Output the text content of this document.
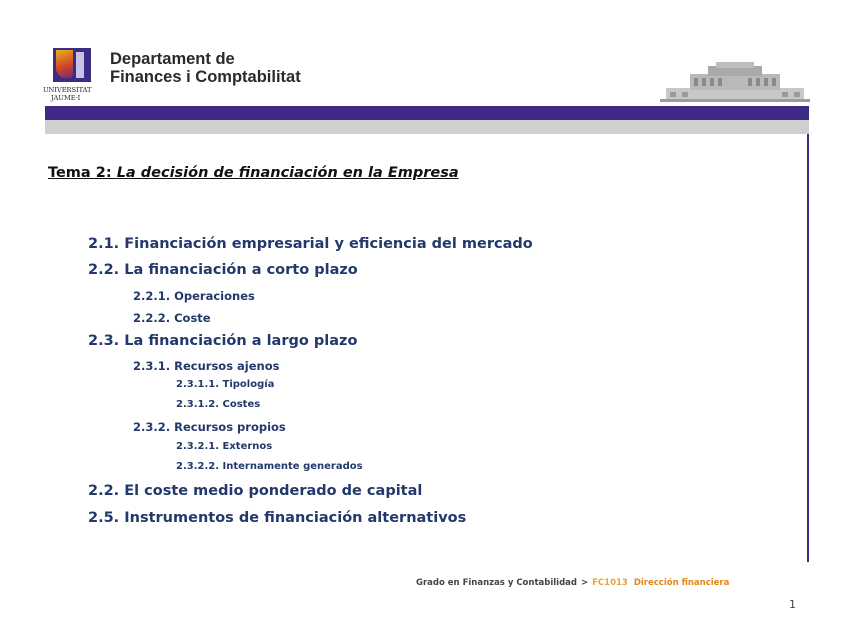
UNIVERSITAT
JAUME·I
Departament de
Finances i Comptabilitat
Tema 2: La decisión de financiación en la Empresa
2.1. Financiación empresarial y eficiencia del mercado
2.2. La financiación a corto plazo
2.2.1. Operaciones
2.2.2. Coste
2.3. La financiación a largo plazo
2.3.1. Recursos ajenos
2.3.1.1. Tipología
2.3.1.2. Costes
2.3.2. Recursos propios
2.3.2.1. Externos
2.3.2.2. Internamente generados
2.2. El coste medio ponderado de capital
2.5. Instrumentos de financiación alternativos
Grado en Finanzas y Contabilidad > FC1013 Dirección financiera
1
